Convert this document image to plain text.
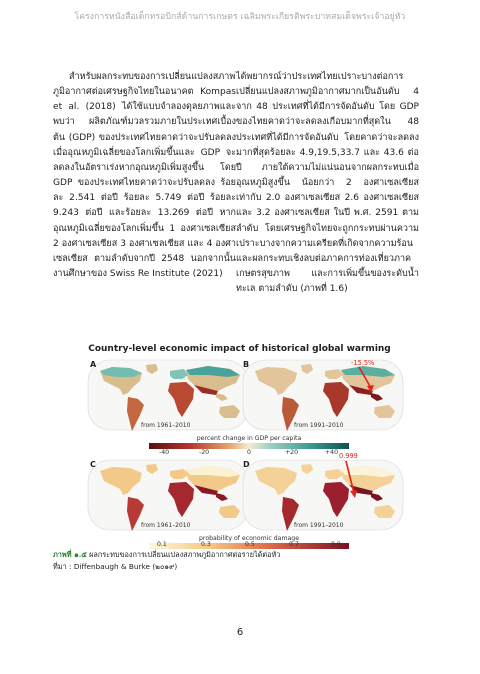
โครงการหนังสือเด็กทรอบิกส์ด้านการเกษตร เฉลิมพระเกียรติพระบาทสมเด็จพระเจ้าอยู่หัว
สำหรับผลกระทบของการเปลี่ยนแปลงสภาพภูมิอากาศต่อเศรษฐกิจไทยในอนาคต Kompas et al. (2018) ได้ใช้แบบจำลองดุลยภาพและพบว่า ผลิตภัณฑ์มวลรวมภายในประเทศเบื้องต้น (GDP) ของประเทศไทยคาดว่าจะปรับลดลงเมื่ออุณหภูมิเฉลี่ยของโลกเพิ่มขึ้นและ GDP จะลดลงในอัตราเร่งหากอุณหภูมิเพิ่มสูงขึ้น โดย GDP ของประเทศไทยคาดว่าจะปรับลดลง ร้อยละ 2.541 ต่อปี ร้อยละ 5.749 ต่อปี ร้อยละ 9.243 ต่อปี และร้อยละ 13.269 ต่อปี หากอุณหภูมิเฉลี่ยของโลกเพิ่มขึ้น 1 องศาเซลเซียส 2 องศาเซลเซียส 3 องศาเซลเซียส และ 4 องศาเซลเซียส ตามลำดับจากปี 2548 นอกจากนั้น งานศึกษาของ Swiss Re Institute (2021)
ได้พยากรณ์ว่าประเทศไทยเปราะบางต่อการเปลี่ยนแปลงสภาพภูมิอากาศมากเป็นอันดับ 4 จาก 48 ประเทศที่ได้มีการจัดอันดับ โดย GDP ของไทยคาดว่าจะลดลงเกือบมากที่สุดใน 48 ประเทศที่ได้มีการจัดอันดับ โดยคาดว่าจะลดลงมากที่สุดร้อยละ 4.9,19.5,33.7 และ 43.6 ต่อปี ภายใต้ความไม่แน่นอนจากผลกระทบเมื่ออุณหภูมิสูงขึ้น น้อยกว่า 2 องศาเซลเซียส เท่ากับ 2.0 องศาเซลเซียส 2.6 องศาเซลเซียส และ 3.2 องศาเซลเซียส ในปี พ.ศ. 2591 ตามลำดับ โดยเศรษฐกิจไทยจะถูกกระทบผ่านความเปราะบางจากความเครียดที่เกิดจากความร้อน และผลกระทบเชิงลบต่อภาคการท่องเที่ยวภาคเกษตรสุขภาพ และการเพิ่มขึ้นของระดับน้ำทะเล ตามลำดับ (ภาพที่ 1.6)
Country-level economic impact of historical global warming
A	B
C	D
from 1961–2010	from 1991–2010
from 1961–2010	from 1991–2010
-15.5%
0.999
percent change in GDP per capita
-40	-20	0	+20	+40
probability of economic damage
0.1	0.3	0.5	0.7	0.9
ภาพที่ ๑.๕ ผลกระทบของการเปลี่ยนแปลงสภาพภูมิอากาศต่อรายได้ต่อหัว
ที่มา : Diffenbaugh & Burke (๒๐๑๙)
6
